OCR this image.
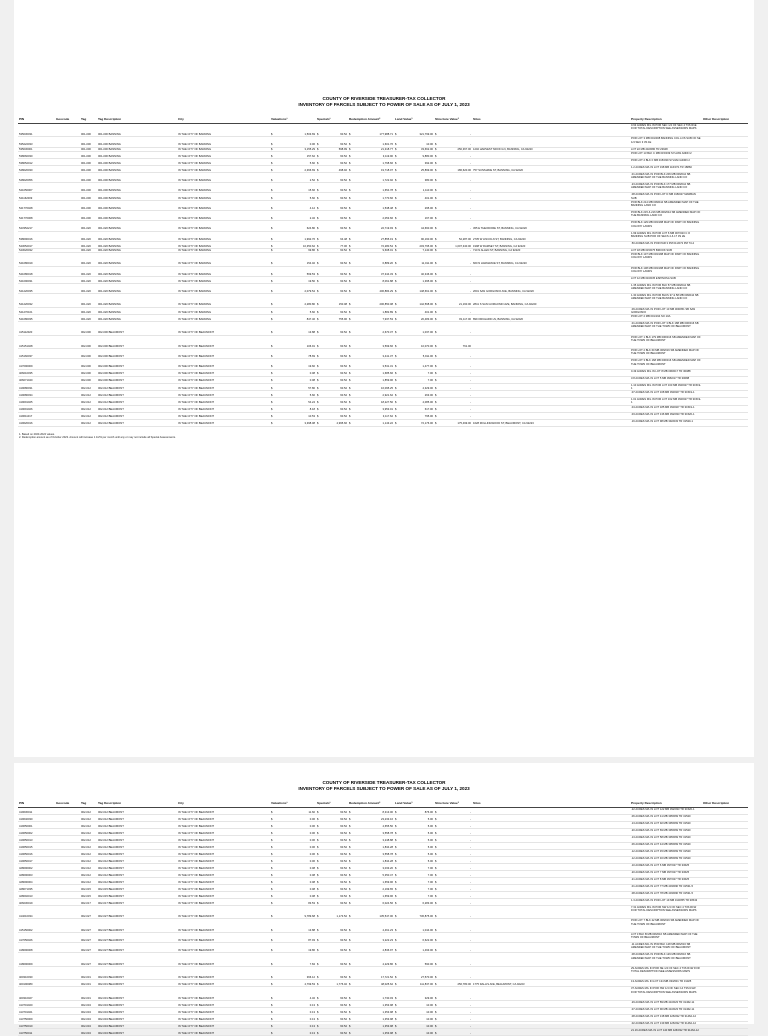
COUNTY OF RIVERSIDE TREASURER-TAX COLLECTOR
INVENTORY OF PARCELS SUBJECT TO POWER OF SALE AS OF JULY 1, 2023
PIN	Geocode	Tag	Tag Description	City	Valuations¹	Specials¹	Redemption Amount²	Land Value³	Structure Value³	Situs	Property Description	Other Description
535030031		001-000	001-000 BANNING	IN THE CITY OF BANNING	$ 1,503.69	$ 60.52	$ 177,988.71	$ 321,799.00	$ -		0.93 ACRES M/L IN POR SEC 1/4 OF SEC 4 T3S R1E FOR TOTAL DESCRIPTION SEE ASSESSORS MAPS	
535222033		001-000	001-000 BANNING	IN THE CITY OF BANNING	$ 0.06	$ 60.52	$ 1,601.76	$ 10.00	$ -		POR LOT 3 MB 001/008 BANNING COL LOS SUB OF SE 1/4 SEC 3 3S 1E	
535030001		001-000	001-000 BANNING	IN THE CITY OF BANNING	$ 3,155.29	$ 598.99	$ 21,318.77	$ 33,662.00	$ 250,367.00	1202 HARVEST MOON LN, BANNING, CA 92220	LOT 22 MB 232/080 TR 23948	
538060030		001-000	001-000 BANNING	IN THE CITY OF BANNING	$ 157.62	$ 60.52	$ 3,119.90	$ 9,880.00	$ -		POR LOT 13 BLK C MB 015/039 SYLVAN ADDN 2	
538052012		001-000	001-000 BANNING	IN THE CITY OF BANNING	$ 5.60	$ 60.52	$ 1,768.66	$ 392.00	$ -		POR LOT 2 BLK F MB 015/039 SYLVAN ADDN 2	
548020030		001-000	001-000 BANNING	IN THE CITY OF BANNING	$ 2,366.69	$ 498.92	$ 19,718.07	$ 25,899.00	$ 186,620.00	757 SUNSHINE ST, BANNING, CA 92220	1.2 ACRES M/L IN LOT 198 MB 116/071 TR 18860	
548020056		001-000	001-000 BANNING	IN THE CITY OF BANNING	$ 2.52	$ 60.52	$ 1,722.92	$ 380.00	$ -		.01 ACRES M/L IN POR BLK 206 MB 009/044 SB AMENDED MAP OF THE BANNING LAND CO	
541050007		001-000	001-000 BANNING	IN THE CITY OF BANNING	$ 15.66	$ 60.52	$ 1,654.78	$ 1,110.00	$ -		.23 ACRES M/L IN POR BLK 177 MB 009/044 SB AMENDED MAP OF THE BANNING LAND CO	
541162009		001-000	001-000 BANNING	IN THE CITY OF BANNING	$ 5.60	$ 60.52	$ 1,770.66	$ 401.00	$ -		.08 ACRES M/L IN POR LOT D MB 018/027 MARBAN SUB	
541770028		001-000	001-000 BANNING	IN THE CITY OF BANNING	$ 4.12	$ 60.52	$ 1,538.48	$ 295.00	$ -		POR BLK 214 MB 009/044 SB AMENDED MAP OF THE BANNING LAND CO	
541770068		001-000	001-000 BANNING	IN THE CITY OF BANNING	$ 2.32	$ 60.52	$ 2,053.66	$ 167.00	$ -		POR BLK 215 & 216 MB 009/044 SB AMENDED MAP OF THE BANNING LAND CO	
543352217		001-020	001-020 BANNING	IN THE CITY OF BANNING	$ 624.80	$ 60.52	$ 22,719.93	$ 44,660.00	$ -	455 E THEODORE ST, BANNING, CA 92220	POR BLK 129 MB 003/188 MAP OF PART OF BANNING COLONY LANDS	
538090016		001-020	001-020 BANNING	IN THE CITY OF BANNING	$ 1,992.76	$ 64.48	$ 27,855.19	$ 90,160.00	$ 52,287.00	2735 W LINCOLN ST, BANNING, CA 92220	1.99 ACRES M/L IN POR LOT 6 MB 007/023 C O BANNING SUB POR OF SECS 4 & 17 3S 2E	
543052017		001-020	001-020 BANNING	IN THE CITY OF BANNING	$ 10,350.62	$ 77.06	$ 72,280.54	$ 203,795.00	$ 1,007,340.00	1998 W RAMSEY ST, BANNING, CA 92220	.50 ACRES M/L IN POR PAR 3 PM 011/072 PM 73-4	
543020032		001-020	001-020 BANNING	IN THE CITY OF BANNING	$ 99.86	$ 60.52	$ 9,608.01	$ 7,140.00	$ -	710 N ALLEN ST, BANNING, CA 92220	LOT 18 MB 015/075 BROOK SUB	
541080019		001-020	001-020 BANNING	IN THE CITY OF BANNING	$ 154.02	$ 60.52	$ 6,889.20	$ 11,011.00	$ -	660 N HARGRAVE ST, BANNING, CA 92220	POR BLK 137 MB 003/188 MAP OF PART OF BANNING COLONY LANDS	
541080018		001-020	001-020 BANNING	IN THE CITY OF BANNING	$ 569.53	$ 60.52	$ 37,344.33	$ 40,346.00	$ -		POR BLK 138 MB 003/188 MAP OF PART OF BANNING COLONY LANDS	
541090031		001-020	001-020 BANNING	IN THE CITY OF BANNING	$ 19.50	$ 60.52	$ 8,061.88	$ 1,395.00	$ -		LOT 12 MB 016/035 ESPINOSA SUB	
541220035		001-020	001-020 BANNING	IN THE CITY OF BANNING	$ 2,079.54	$ 60.52	$ 406,884.29	$ 148,661.00	$ -	2601 SAN GORGONIO AVE, BANNING, CA 92220	1.35 ACRES M/L IN POR BLK 57 MB 009/044 SB AMENDED MAP OF THE BANNING LAND CO	
541220032		001-020	001-020 BANNING	IN THE CITY OF BANNING	$ 2,280.80	$ 150.08	$ 206,850.08	$ 142,568.00	$ 21,160.00	2841 S SAN GORGONIO AVE, BANNING, CA 92220	1.30 ACRES M/L IN POR BLKS 37 & 58 MB 009/044 SB AMENDED MAP OF THE BANNING LAND CO	
541270101		001-020	001-020 BANNING	IN THE CITY OF BANNING	$ 5.60	$ 60.52	$ 1,882.89	$ 401.00	$ -		.09 ACRES M/L IN POR LOT 13 MB 009/051 SB SAN GORGONIO	
541080035		001-020	001-020 BANNING	IN THE CITY OF BANNING	$ 847.46	$ 755.96	$ 7,937.53	$ 20,483.00	$ 81,117.00	899 ORCHARD LN, BANNING, CA 92220	POR LOT 2 MB 001/194 SO 10A	
415112020		002-000	002-000 BEAUMONT	IN THE CITY OF BEAUMONT	$ 13.88	$ 60.52	$ 2,670.37	$ 1,037.00	$ -		.01 ACRES M/L IN POR LOT 3 BLK 188 MB 006/016 SB AMENDED MAP OF THE TOWN OF BEAUMONT	
415151028		002-000	002-000 BEAUMONT	IN THE CITY OF BEAUMONT	$ 106.91	$ 60.52	$ 3,599.66	$ 10,070.00	$ 761.00		POR LOT 1 BLK 179 MB 006/016 SB AMENDED MAP OF THE TOWN OF BEAUMONT	
415160037		002-000	002-000 BEAUMONT	IN THE CITY OF BEAUMONT	$ 78.69	$ 60.52	$ 3,441.37	$ 5,911.00	$ -		POR LOT 2 BLK 60 MB 006/016 SB AMENDED MAP OF THE TOWN OF BEAUMONT	
417090009		002-000	002-000 BEAUMONT	IN THE CITY OF BEAUMONT	$ 19.60	$ 60.52	$ 3,531.31	$ 1,477.00	$ -		POR LOT 3 BLK 168 MB 006/016 SB AMENDED MAP OF THE TOWN OF BEAUMONT	
406010035		002-000	002-000 BEAUMONT	IN THE CITY OF BEAUMONT	$ 0.08	$ 60.52	$ 1,685.66	$ 7.00	$ -		0.49 ACRES M/L IN LOT 8 MB 096/017 TR 30088	
406071040		002-000	002-000 BEAUMONT	IN THE CITY OF BEAUMONT	$ 0.08	$ 60.52	$ 1,859.96	$ 7.00	$ -		3.8 ACRES M/L IN LOT 5 MB 096/017 TR 30088	
419080031		002-012	002-012 BEAUMONT	IN THE CITY OF BEAUMONT	$ 57.80	$ 60.52	$ 16,095.25	$ 4,329.00	$ -		1.10 ACRES M/L IN POR LOT 163 MB 393/027 TR 31519-1	
419080034		002-012	002-012 BEAUMONT	IN THE CITY OF BEAUMONT	$ 5.60	$ 60.52	$ 2,921.62	$ 263.00	$ -		.07 ACRES M/L IN LOT 168 MB 393/027 TR 31519-1	
419091025		002-012	002-012 BEAUMONT	IN THE CITY OF BEAUMONT	$ 54.24	$ 60.52	$ 18,227.50	$ 4,085.00	$ -		1.01 ACRES M/L IN POR LOT 162 MB 393/027 TR 31519-1	
419091026		002-012	002-012 BEAUMONT	IN THE CITY OF BEAUMONT	$ 8.18	$ 60.52	$ 3,953.01	$ 617.00	$ -		.04 ACRES M/L IN LOT 185 MB 393/027 TR 31519-1	
419611017		002-012	002-012 BEAUMONT	IN THE CITY OF BEAUMONT	$ 10.53	$ 60.52	$ 3,117.62	$ 795.00	$ -		.03 ACRES M/L IN LOT 136 MB 392/033 TR 31520-1	
419620016		002-012	002-012 BEAUMONT	IN THE CITY OF BEAUMONT	$ 3,398.08	$ 4,995.66	$ 1,143.22	$ 72,176.00	$ 175,499.00	1628 ROLLINGWOOD ST, BEAUMONT, CA 92223	.16 ACRES M/L IN LOT 98 MB 392/033 TR 31520-1	
1. Based on 2023-2024 values.
2. Redemption amount as of October 2023. Amount will increase 1 1/2% per month until any or may not include all Special Assessments.
COUNTY OF RIVERSIDE TREASURER-TAX COLLECTOR
INVENTORY OF PARCELS SUBJECT TO POWER OF SALE AS OF JULY 1, 2023
PIN	Geocode	Tag	Tag Description	City	Valuations¹	Specials¹	Redemption Amount²	Land Value³	Structure Value³	Situs	Property Description	Other Description
419630011		002-012	002-012 BEAUMONT	IN THE CITY OF BEAUMONT	$ 11.60	$ 60.52	$ 8,313.00	$ 876.00	$ -		.22 ACRES M/L IN LOT 122 MB 392/033 TR 31520-1	
419640030		002-012	002-012 BEAUMONT	IN THE CITY OF BEAUMONT	$ 0.06	$ 60.52	$ 23,233.16	$ 5.00	$ -		.06 ACRES M/L IN LOT 41 MB 395/069 TR 31520	
419650001		002-012	002-012 BEAUMONT	IN THE CITY OF BEAUMONT	$ 0.06	$ 60.52	$ 4,655.50	$ 5.00	$ -		.13 ACRES M/L IN LOT 92 MB 395/069 TR 31520	
419650002		002-012	002-012 BEAUMONT	IN THE CITY OF BEAUMONT	$ 0.06	$ 60.52	$ 3,558.78	$ 5.00	$ -		.20 ACRES M/L IN LOT 69 MB 395/069 TR 31520	
419650013		002-012	002-012 BEAUMONT	IN THE CITY OF BEAUMONT	$ 0.06	$ 60.52	$ 3,248.88	$ 5.00	$ -		.13 ACRES M/L IN LOT 58 MB 395/069 TR 31520	
419650015		002-012	002-012 BEAUMONT	IN THE CITY OF BEAUMONT	$ 0.06	$ 60.52	$ 1,834.28	$ 5.00	$ -		.06 ACRES M/L IN LOT 44 MB 395/069 TR 31520	
419650016		002-012	002-012 BEAUMONT	IN THE CITY OF BEAUMONT	$ 0.06	$ 60.52	$ 3,558.78	$ 5.00	$ -		.12 ACRES M/L IN LOT 45 MB 395/069 TR 31520	
419650017		002-012	002-012 BEAUMONT	IN THE CITY OF BEAUMONT	$ 0.06	$ 60.52	$ 1,834.28	$ 5.00	$ -		.12 ACRES M/L IN LOT 46 MB 395/069 TR 31520	
428090002		002-012	002-012 BEAUMONT	IN THE CITY OF BEAUMONT	$ 0.08	$ 60.52	$ 3,033.20	$ 7.00	$ -		.10 ACRES M/L IN LOT 6 MB 397/027 TR 33625	
428090003		002-012	002-012 BEAUMONT	IN THE CITY OF BEAUMONT	$ 0.08	$ 60.52	$ 5,350.47	$ 7.00	$ -		.20 ACRES M/L IN LOT 7 MB 397/027 TR 33625	
428090004		002-012	002-012 BEAUMONT	IN THE CITY OF BEAUMONT	$ 0.08	$ 60.52	$ 1,659.96	$ 7.00	$ -		.21 ACRES M/L IN LOT 8 MB 397/027 TR 33625	
428071035		002-015	002-015 BEAUMONT	IN THE CITY OF BEAUMONT	$ 0.08	$ 60.52	$ 2,199.65	$ 7.00	$ -		.01 ACRES M/L IN LOT 77 MB 403/090 TR 31531-5	
428092013		002-015	002-015 BEAUMONT	IN THE CITY OF BEAUMONT	$ 0.08	$ 60.52	$ 1,659.96	$ 7.00	$ -		.08 ACRES M/L IN LOT 78 MB 403/090 TR 31531-5	
406030019		002-017	002-017 BEAUMONT	IN THE CITY OF BEAUMONT	$ 83.53	$ 60.52	$ 6,024.56	$ 6,283.00	$ -		1.3 ACRES M/L IN POR LOT 19 MB 010/055 TR 30543	
414010034		002-027	002-027 BEAUMONT	IN THE CITY OF BEAUMONT	$ 9,789.68	$ 1,173.52	$ 135,547.00	$ 736,875.00	$ -		7.31 ACRES M/L IN POR SW 1/4 OF SEC 4 T3S R1W FOR TOTAL DESCRIPTION SEE ASSESSORS MAPS	
415150002		002-027	002-027 BEAUMONT	IN THE CITY OF BEAUMONT	$ 13.88	$ 60.52	$ 4,461.23	$ 1,044.00	$ -		POR LOT 7 BLK 22 MB 006/016 SB AMENDED MAP OF THE TOWN OF BEAUMONT	
417050026		002-027	002-027 BEAUMONT	IN THE CITY OF BEAUMONT	$ 87.93	$ 60.52	$ 3,222.23	$ 6,622.00	$ -		LOT 3 BLK B MB 006/016 SB AMENDED MAP OF THE TOWN OF BEAUMONT	
418090008		002-027	002-027 BEAUMONT	IN THE CITY OF BEAUMONT	$ 19.86	$ 60.52	$ 4,836.97	$ 1,493.00	$ -		.11 ACRES M/L IN POR BLK 128 MB 006/016 SB AMENDED MAP OF THE TOWN OF BEAUMONT	
418090009		002-027	002-027 BEAUMONT	IN THE CITY OF BEAUMONT	$ 7.84	$ 60.52	$ 4,229.86	$ 590.00	$ -		.08 ACRES M/L IN POR BLK 129 MB 006/016 SB AMENDED MAP OF THE TOWN OF BEAUMONT	
400310030		002-031	002-031 BEAUMONT	IN THE CITY OF BEAUMONT	$ 366.12	$ 60.52	$ 17,721.52	$ 27,570.00	$ -		29 ACRES M/L IN POR NE 1/4 OF SEC 4 T3S R1W FOR TOTAL DESCRIPTION SEE ASSESSORS MAPS	
400190080		002-031	002-031 BEAUMONT	IN THE CITY OF BEAUMONT	$ 4,799.53	$ 1,776.02	$ 48,025.62	$ 111,837.00	$ 256,780.00	1775 DALLIS AVE, BEAUMONT, CA 92223	13 ACRES M/L IN LOT 134 MB 033/001 TR 31325	
400310027		002-031	002-031 BEAUMONT	IN THE CITY OF BEAUMONT	$ 4.32	$ 60.52	$ 1,730.03	$ 329.00	$ -		37 ACRES M/L IN POR NW 1/4 OF SEC 14 T3S R1W FOR TOTAL DESCRIPTION SEE ASSESSORS MAPS	
413701020		002-034	002-034 BEAUMONT	IN THE CITY OF BEAUMONT	$ 0.13	$ 60.52	$ 1,353.98	$ 10.00	$ -		.29 ACRES M/L IN LOT 89 MB 410/023 TR 31462-11	
413701021		002-034	002-034 BEAUMONT	IN THE CITY OF BEAUMONT	$ 0.13	$ 60.52	$ 1,353.98	$ 10.00	$ -		.07 ACRES M/L IN LOT 90 MB 410/023 TR 31462-11	
413750009		002-034	002-034 BEAUMONT	IN THE CITY OF BEAUMONT	$ 0.13	$ 60.52	$ 1,353.98	$ 10.00	$ -		.08 ACRES M/L IN LOT 138 MB 426/032 TR 31462-12	
413750010		002-034	002-034 BEAUMONT	IN THE CITY OF BEAUMONT	$ 0.13	$ 60.52	$ 1,353.98	$ 10.00	$ -		.02 ACRES M/L IN LOT 139 MB 426/032 TR 31462-12	
413750011		002-034	002-034 BEAUMONT	IN THE CITY OF BEAUMONT	$ 0.13	$ 60.52	$ 1,353.98	$ 10.00	$ -		21.16 ACRES M/L IN LOT 140 MB 426/032 TR 31462-12	
